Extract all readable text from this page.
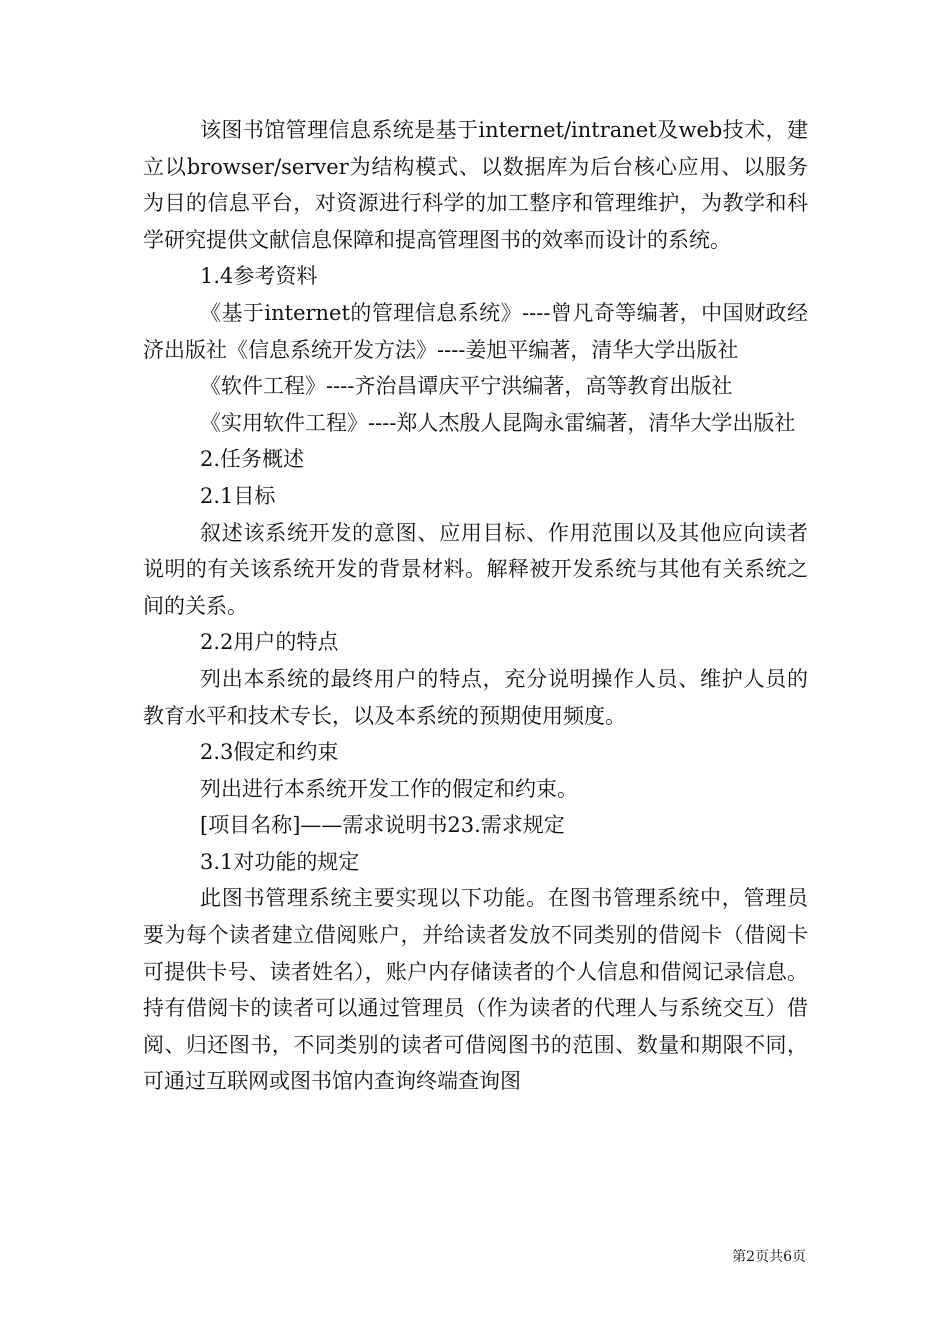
该图书馆管理信息系统是基于internet/intranet及web技术，建立以browser/server为结构模式、以数据库为后台核心应用、以服务为目的信息平台，对资源进行科学的加工整序和管理维护，为教学和科学研究提供文献信息保障和提高管理图书的效率而设计的系统。

1.4参考资料

《基于internet的管理信息系统》----曾凡奇等编著，中国财政经济出版社《信息系统开发方法》----姜旭平编著，清华大学出版社

《软件工程》----齐治昌谭庆平宁洪编著，高等教育出版社

《实用软件工程》----郑人杰殷人昆陶永雷编著，清华大学出版社

2.任务概述

2.1目标

叙述该系统开发的意图、应用目标、作用范围以及其他应向读者说明的有关该系统开发的背景材料。解释被开发系统与其他有关系统之间的关系。

2.2用户的特点

列出本系统的最终用户的特点，充分说明操作人员、维护人员的教育水平和技术专长，以及本系统的预期使用频度。

2.3假定和约束

列出进行本系统开发工作的假定和约束。

[项目名称]——需求说明书23.需求规定

3.1对功能的规定

此图书管理系统主要实现以下功能。在图书管理系统中，管理员要为每个读者建立借阅账户，并给读者发放不同类别的借阅卡（借阅卡可提供卡号、读者姓名），账户内存储读者的个人信息和借阅记录信息。持有借阅卡的读者可以通过管理员（作为读者的代理人与系统交互）借阅、归还图书，不同类别的读者可借阅图书的范围、数量和期限不同，可通过互联网或图书馆内查询终端查询图

第2页共6页
